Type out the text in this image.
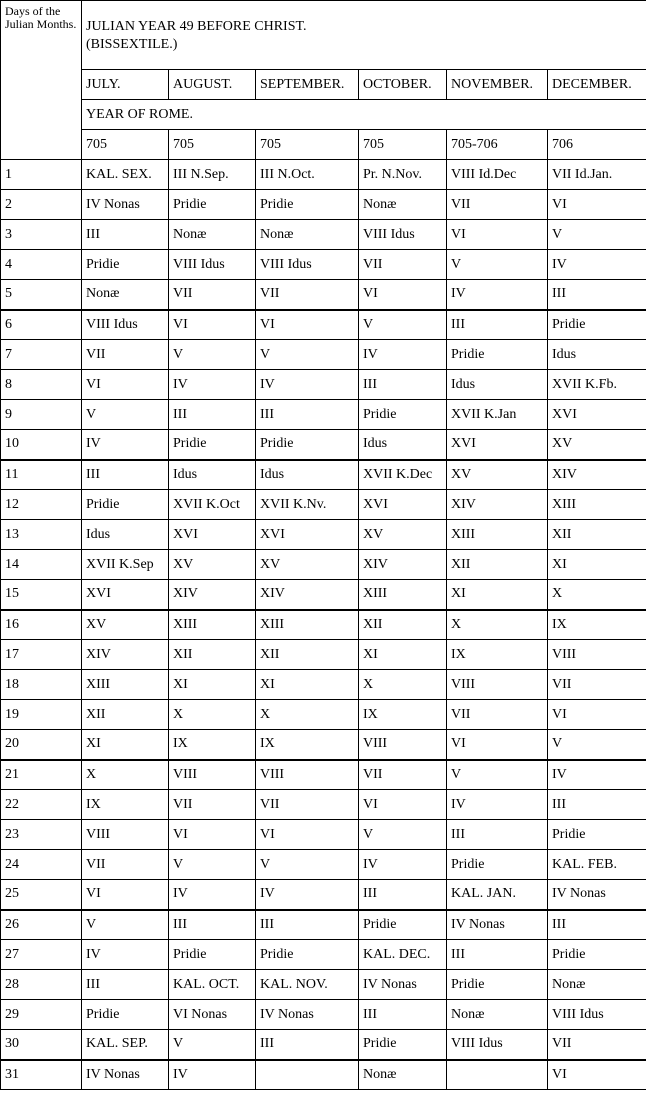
Days of the Julian Months.	JULIAN YEAR 49 BEFORE CHRIST.
(BISSEXTILE.)					

	JULY.	AUGUST.	SEPTEMBER.	OCTOBER.	NOVEMBER.	DECEMBER.
	YEAR OF ROME.					
	705	705	705	705	705-706	706
1	KAL. SEX.	III N.Sep.	III N.Oct.	Pr. N.Nov.	VIII Id.Dec	VII Id.Jan.
2	IV Nonas	Pridie	Pridie	Nonæ	VII	VI
3	III	Nonæ	Nonæ	VIII Idus	VI	V
4	Pridie	VIII Idus	VIII Idus	VII	V	IV
5	Nonæ	VII	VII	VI	IV	III
6	VIII Idus	VI	VI	V	III	Pridie
7	VII	V	V	IV	Pridie	Idus
8	VI	IV	IV	III	Idus	XVII K.Fb.
9	V	III	III	Pridie	XVII K.Jan	XVI
10	IV	Pridie	Pridie	Idus	XVI	XV
11	III	Idus	Idus	XVII K.Dec	XV	XIV
12	Pridie	XVII K.Oct	XVII K.Nv.	XVI	XIV	XIII
13	Idus	XVI	XVI	XV	XIII	XII
14	XVII K.Sep	XV	XV	XIV	XII	XI
15	XVI	XIV	XIV	XIII	XI	X
16	XV	XIII	XIII	XII	X	IX
17	XIV	XII	XII	XI	IX	VIII
18	XIII	XI	XI	X	VIII	VII
19	XII	X	X	IX	VII	VI
20	XI	IX	IX	VIII	VI	V
21	X	VIII	VIII	VII	V	IV
22	IX	VII	VII	VI	IV	III
23	VIII	VI	VI	V	III	Pridie
24	VII	V	V	IV	Pridie	KAL. FEB.
25	VI	IV	IV	III	KAL. JAN.	IV Nonas
26	V	III	III	Pridie	IV Nonas	III
27	IV	Pridie	Pridie	KAL. DEC.	III	Pridie
28	III	KAL. OCT.	KAL. NOV.	IV Nonas	Pridie	Nonæ
29	Pridie	VI Nonas	IV Nonas	III	Nonæ	VIII Idus
30	KAL. SEP.	V	III	Pridie	VIII Idus	VII
31	IV Nonas	IV		Nonæ		VI
